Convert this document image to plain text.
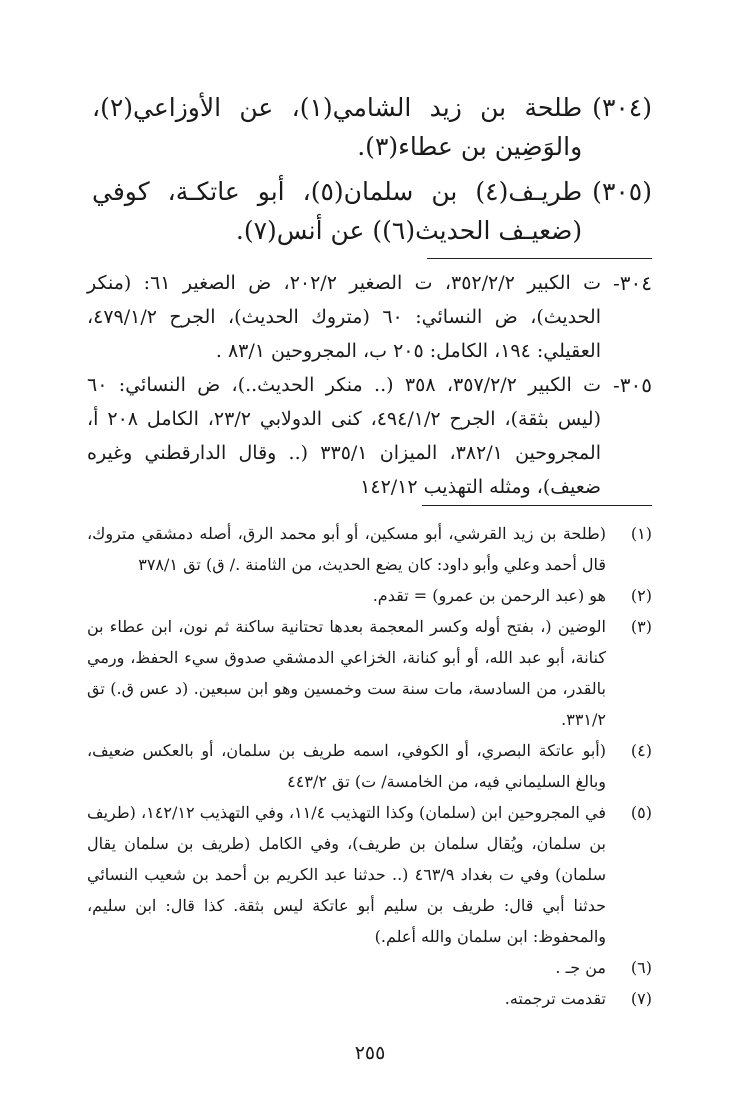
(٣٠٤)
طلحة بن زيد الشامي(١)، عن الأوزاعي(٢)، والوَضِين بن عطاء(٣).
(٣٠٥)
طريـف(٤) بن سلمان(٥)، أبو عاتكـة، كوفي (ضعيـف الحديث(٦)) عن أنس(٧).
٣٠٤-
ت الكبير ٣٥٢/٢/٢، ت الصغير ٢٠٢/٢، ض الصغير ٦١: (منكر الحديث)، ض النسائي: ٦٠ (متروك الحديث)، الجرح ٤٧٩/١/٢، العقيلي: ١٩٤، الكامل: ٢٠٥ ب، المجروحين ٨٣/١ .
٣٠٥-
ت الكبير ٣٥٧/٢/٢، ٣٥٨ (.. منكر الحديث..)، ض النسائي: ٦٠ (ليس بثقة)، الجرح ٤٩٤/١/٢، كنى الدولابي ٢٣/٢، الكامل ٢٠٨ أ، المجروحين ٣٨٢/١، الميزان ٣٣٥/١ (.. وقال الدارقطني وغيره ضعيف)، ومثله التهذيب ١٤٢/١٢
(١)
(طلحة بن زيد القرشي، أبو مسكين، أو أبو محمد الرق، أصله دمشقي متروك، قال أحمد وعلي وأبو داود: كان يضع الحديث، من الثامنة ./ ق) تق ٣٧٨/١
(٢)
هو (عبد الرحمن بن عمرو) = تقدم.
(٣)
الوضين (، بفتح أوله وكسر المعجمة بعدها تحتانية ساكنة ثم نون، ابن عطاء بن كنانة، أبو عبد الله، أو أبو كنانة، الخزاعي الدمشقي صدوق سيء الحفظ، ورمي بالقدر، من السادسة، مات سنة ست وخمسين وهو ابن سبعين. (د عس ق.) تق ٣٣١/٢.
(٤)
(أبو عاتكة البصري، أو الكوفي، اسمه طريف بن سلمان، أو بالعكس ضعيف، وبالغ السليماني فيه، من الخامسة/ ت) تق ٤٤٣/٢
(٥)
في المجروحين ابن (سلمان) وكذا التهذيب ١١/٤، وفي التهذيب ١٤٢/١٢، (طريف بن سلمان، ويُقال سلمان بن طريف)، وفي الكامل (طريف بن سلمان يقال سلمان) وفي ت بغداد ٤٦٣/٩ (.. حدثنا عبد الكريم بن أحمد بن شعيب النسائي حدثنا أبي قال: طريف بن سليم أبو عاتكة ليس بثقة. كذا قال: ابن سليم، والمحفوظ: ابن سلمان والله أعلم.)
(٦)
من جـ .
(٧)
تقدمت ترجمته.
٢٥٥
